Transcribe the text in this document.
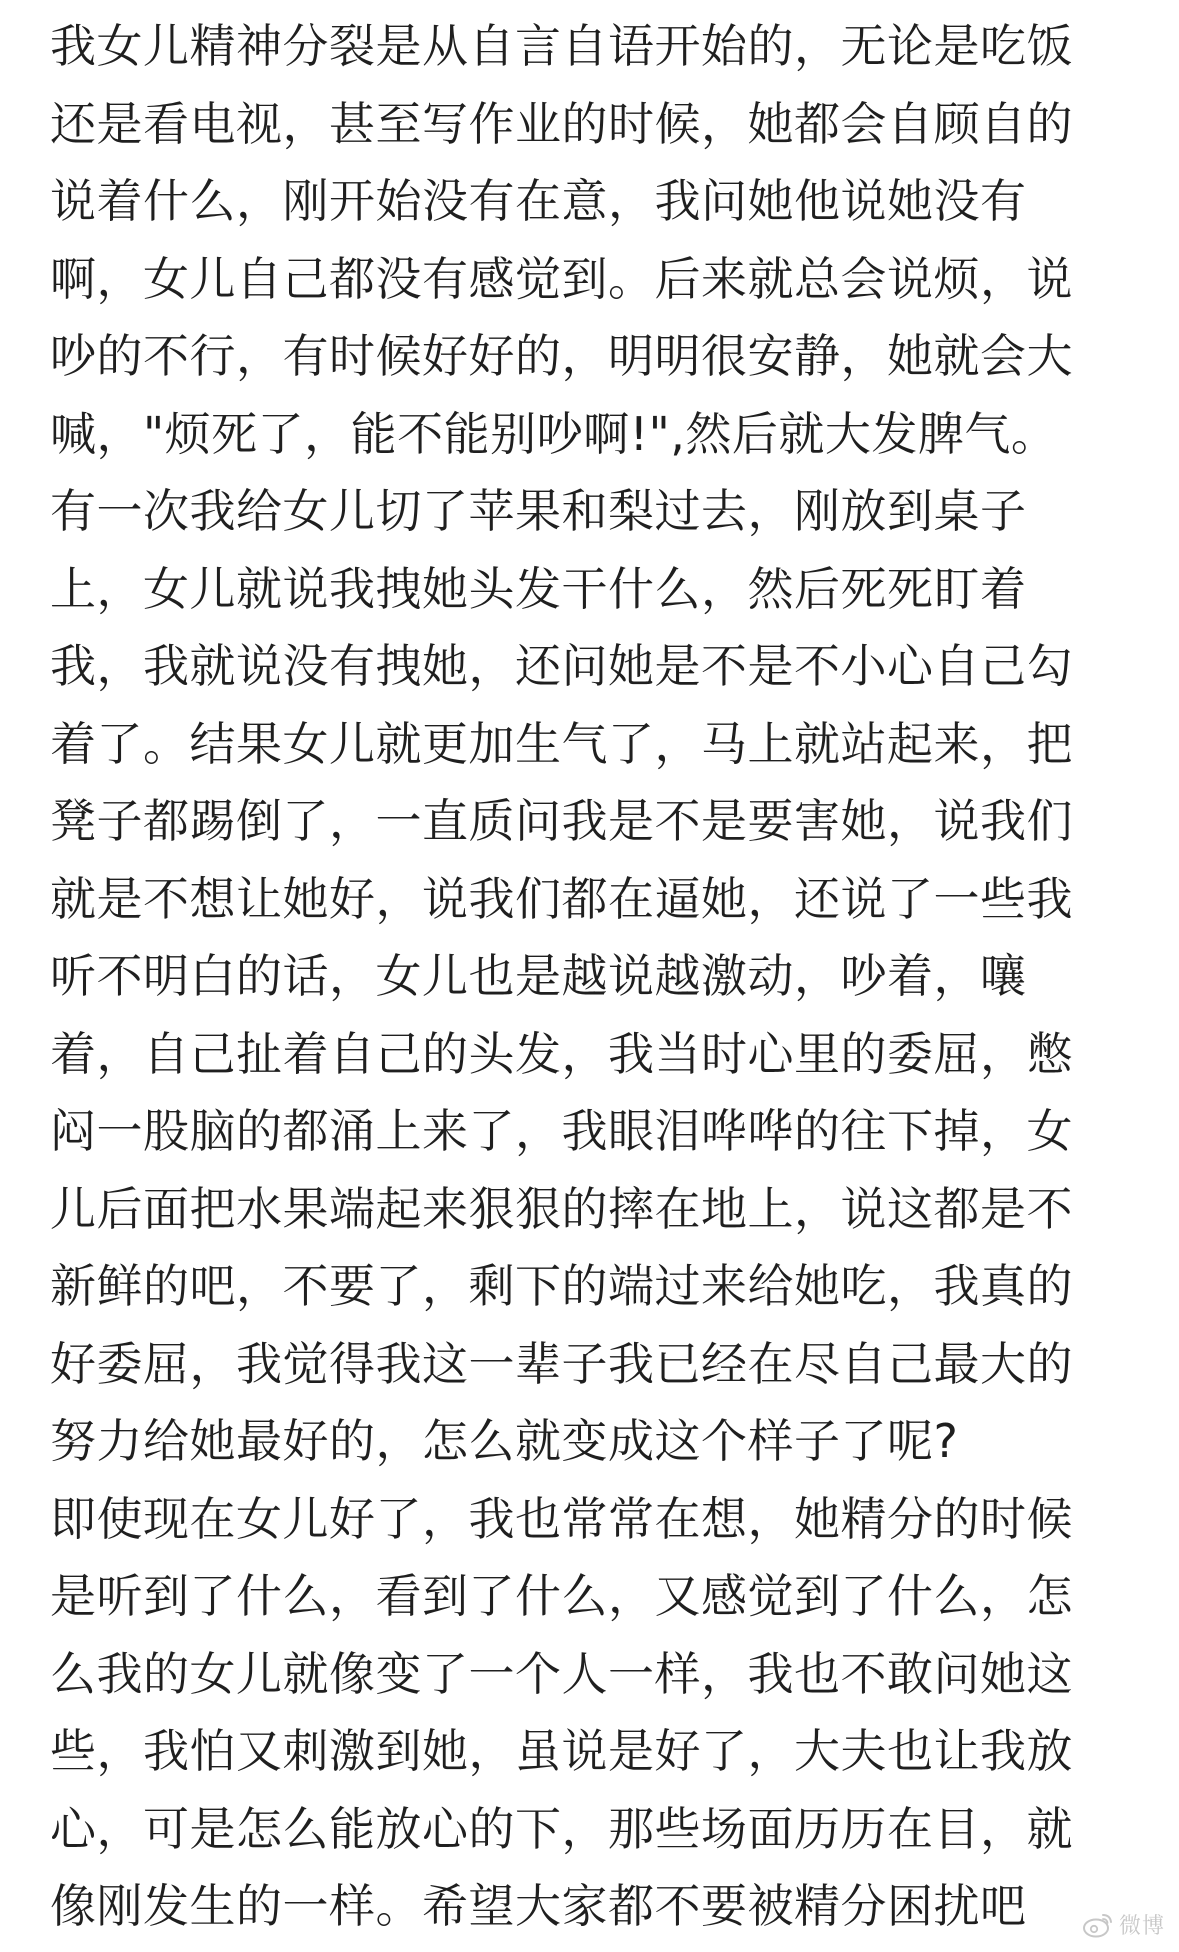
我女儿精神分裂是从自言自语开始的，无论是吃饭
还是看电视，甚至写作业的时候，她都会自顾自的
说着什么，刚开始没有在意，我问她他说她没有
啊，女儿自己都没有感觉到。后来就总会说烦，说
吵的不行，有时候好好的，明明很安静，她就会大
喊，"烦死了，能不能别吵啊!",然后就大发脾气。
有一次我给女儿切了苹果和梨过去，刚放到桌子
上，女儿就说我拽她头发干什么，然后死死盯着
我，我就说没有拽她，还问她是不是不小心自己勾
着了。结果女儿就更加生气了，马上就站起来，把
凳子都踢倒了，一直质问我是不是要害她，说我们
就是不想让她好，说我们都在逼她，还说了一些我
听不明白的话，女儿也是越说越激动，吵着，嚷
着，自己扯着自己的头发，我当时心里的委屈，憋
闷一股脑的都涌上来了，我眼泪哗哗的往下掉，女
儿后面把水果端起来狠狠的摔在地上，说这都是不
新鲜的吧，不要了，剩下的端过来给她吃，我真的
好委屈，我觉得我这一辈子我已经在尽自己最大的
努力给她最好的，怎么就变成这个样子了呢?
即使现在女儿好了，我也常常在想，她精分的时候
是听到了什么，看到了什么，又感觉到了什么，怎
么我的女儿就像变了一个人一样，我也不敢问她这
些，我怕又刺激到她，虽说是好了，大夫也让我放
心，可是怎么能放心的下，那些场面历历在目，就
像刚发生的一样。希望大家都不要被精分困扰吧	微博
